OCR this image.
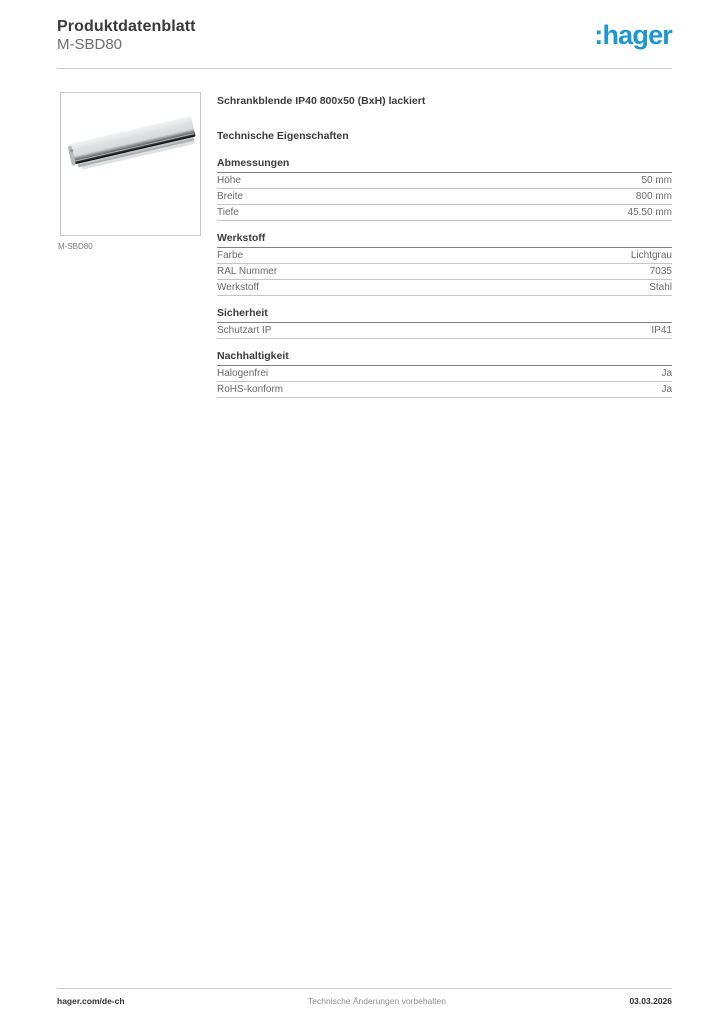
Produktdatenblatt
M-SBD80	:hager
M-SBD80
Schrankblende IP40 800x50 (BxH) lackiert
Technische Eigenschaften
Abmessungen
Höhe	50 mm
Breite	800 mm
Tiefe	45.50 mm
Werkstoff
Farbe	Lichtgrau
RAL Nummer	7035
Werkstoff	Stahl
Sicherheit
Schutzart IP	IP41
Nachhaltigkeit
Halogenfrei	Ja
RoHS-konform	Ja
hager.com/de-ch	Technische Änderungen vorbehalten	03.03.2026
